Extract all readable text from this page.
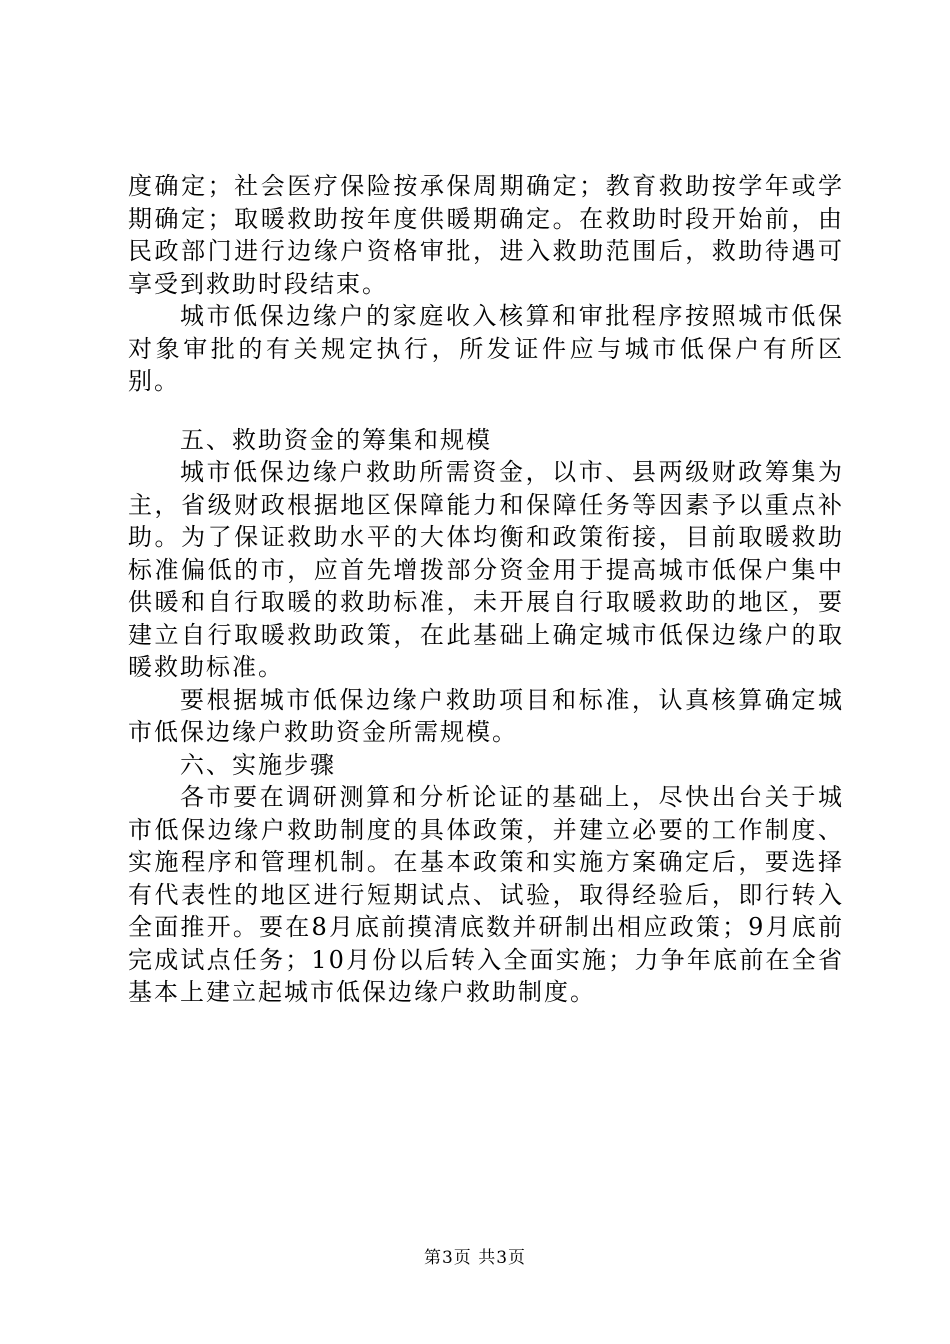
度确定；社会医疗保险按承保周期确定；教育救助按学年或学期确定；取暖救助按年度供暖期确定。在救助时段开始前，由民政部门进行边缘户资格审批，进入救助范围后，救助待遇可享受到救助时段结束。

城市低保边缘户的家庭收入核算和审批程序按照城市低保对象审批的有关规定执行，所发证件应与城市低保户有所区别。

五、救助资金的筹集和规模

城市低保边缘户救助所需资金，以市、县两级财政筹集为主，省级财政根据地区保障能力和保障任务等因素予以重点补助。为了保证救助水平的大体均衡和政策衔接，目前取暖救助标准偏低的市，应首先增拨部分资金用于提高城市低保户集中供暖和自行取暖的救助标准，未开展自行取暖救助的地区，要建立自行取暖救助政策，在此基础上确定城市低保边缘户的取暖救助标准。

要根据城市低保边缘户救助项目和标准，认真核算确定城市低保边缘户救助资金所需规模。

六、实施步骤

各市要在调研测算和分析论证的基础上，尽快出台关于城市低保边缘户救助制度的具体政策，并建立必要的工作制度、实施程序和管理机制。在基本政策和实施方案确定后，要选择有代表性的地区进行短期试点、试验，取得经验后，即行转入全面推开。要在8月底前摸清底数并研制出相应政策；9月底前完成试点任务；10月份以后转入全面实施；力争年底前在全省基本上建立起城市低保边缘户救助制度。

第3页 共3页
